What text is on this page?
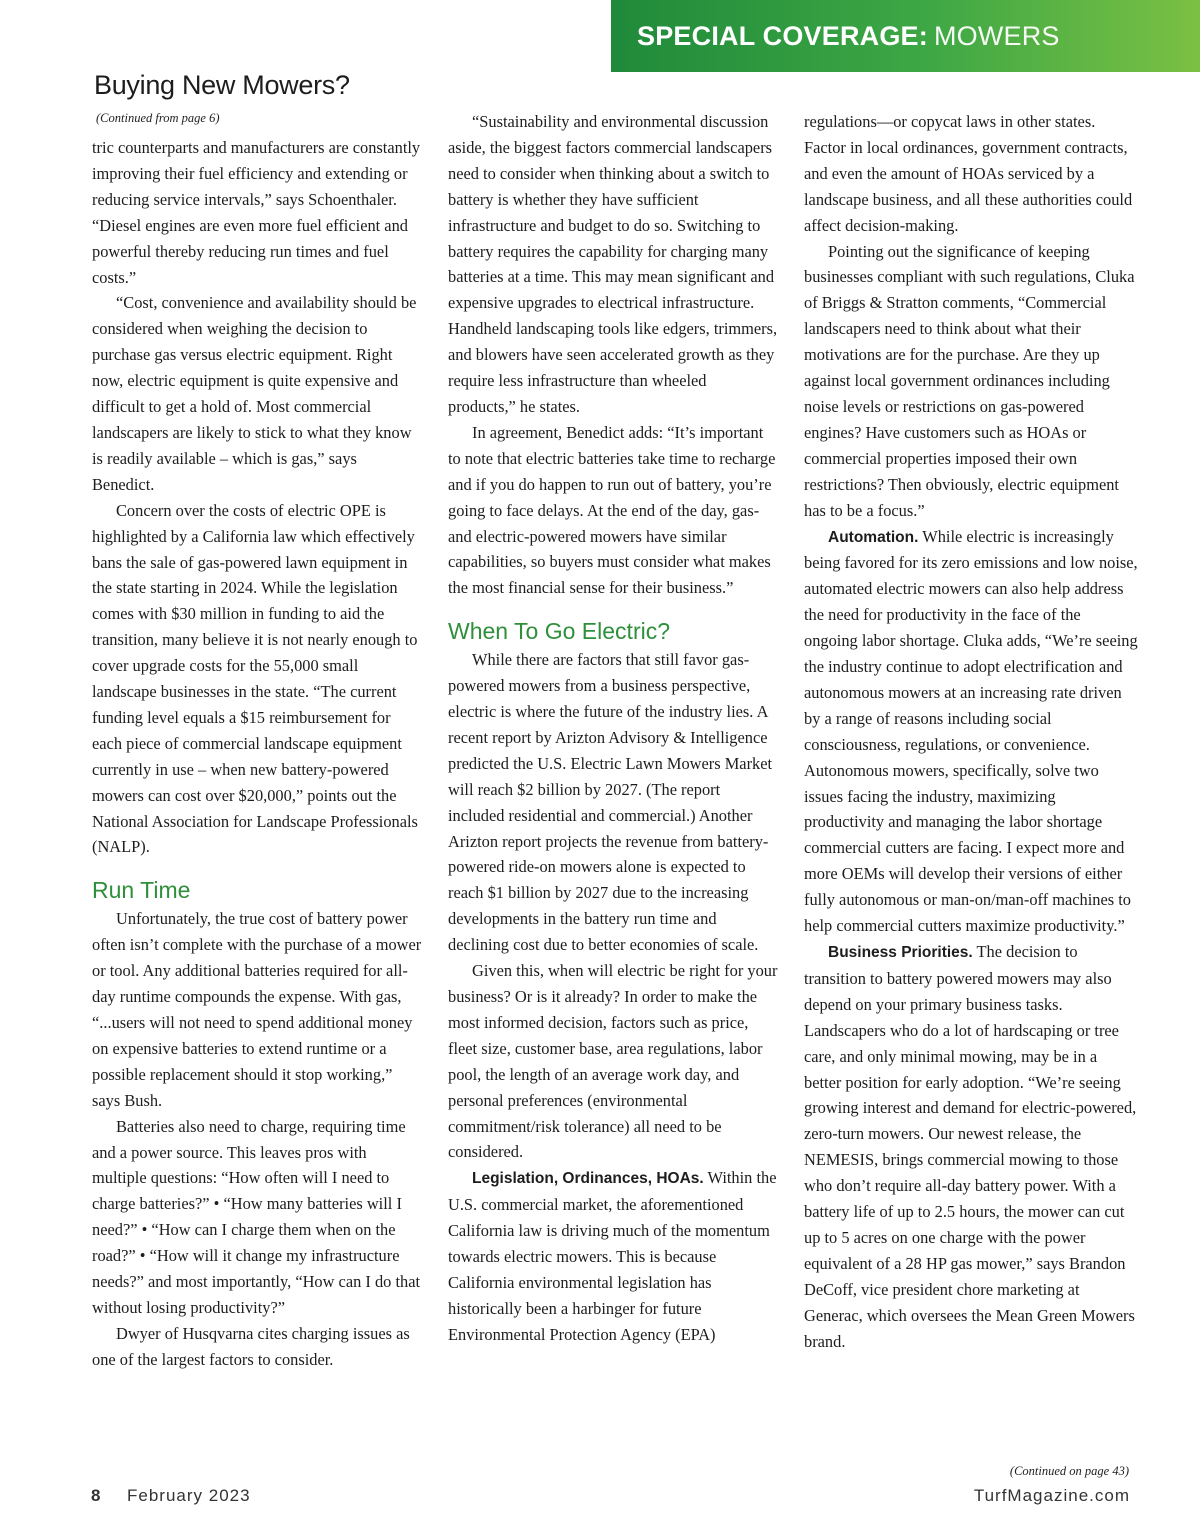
SPECIAL COVERAGE: MOWERS
Buying New Mowers?
(Continued from page 6)

tric counterparts and manufacturers are constantly improving their fuel efficiency and extending or reducing service intervals,” says Schoenthaler. “Diesel engines are even more fuel efficient and powerful thereby reducing run times and fuel costs.”

“Cost, convenience and availability should be considered when weighing the decision to purchase gas versus electric equipment. Right now, electric equipment is quite expensive and difficult to get a hold of. Most commercial landscapers are likely to stick to what they know is readily available – which is gas,” says Benedict.

Concern over the costs of electric OPE is highlighted by a California law which effectively bans the sale of gas-powered lawn equipment in the state starting in 2024. While the legislation comes with $30 million in funding to aid the transition, many believe it is not nearly enough to cover upgrade costs for the 55,000 small landscape businesses in the state. “The current funding level equals a $15 reimbursement for each piece of commercial landscape equipment currently in use – when new battery-powered mowers can cost over $20,000,” points out the National Association for Landscape Professionals (NALP).

Run Time

Unfortunately, the true cost of battery power often isn’t complete with the purchase of a mower or tool. Any additional batteries required for all-day runtime compounds the expense. With gas, “...users will not need to spend additional money on expensive batteries to extend runtime or a possible replacement should it stop working,” says Bush.

Batteries also need to charge, requiring time and a power source. This leaves pros with multiple questions: “How often will I need to charge batteries?” • “How many batteries will I need?” • “How can I charge them when on the road?” • “How will it change my infrastructure needs?” and most importantly, “How can I do that without losing productivity?”

Dwyer of Husqvarna cites charging issues as one of the largest factors to consider.

“Sustainability and environmental discussion aside, the biggest factors commercial landscapers need to consider when thinking about a switch to battery is whether they have sufficient infrastructure and budget to do so. Switching to battery requires the capability for charging many batteries at a time. This may mean significant and expensive upgrades to electrical infrastructure. Handheld landscaping tools like edgers, trimmers, and blowers have seen accelerated growth as they require less infrastructure than wheeled products,” he states.

In agreement, Benedict adds: “It’s important to note that electric batteries take time to recharge and if you do happen to run out of battery, you’re going to face delays. At the end of the day, gas- and electric-powered mowers have similar capabilities, so buyers must consider what makes the most financial sense for their business.”

When To Go Electric?

While there are factors that still favor gas-powered mowers from a business perspective, electric is where the future of the industry lies. A recent report by Arizton Advisory & Intelligence predicted the U.S. Electric Lawn Mowers Market will reach $2 billion by 2027. (The report included residential and commercial.) Another Arizton report projects the revenue from battery-powered ride-on mowers alone is expected to reach $1 billion by 2027 due to the increasing developments in the battery run time and declining cost due to better economies of scale.

Given this, when will electric be right for your business? Or is it already? In order to make the most informed decision, factors such as price, fleet size, customer base, area regulations, labor pool, the length of an average work day, and personal preferences (environmental commitment/risk tolerance) all need to be considered.

Legislation, Ordinances, HOAs. Within the U.S. commercial market, the aforementioned California law is driving much of the momentum towards electric mowers. This is because California environmental legislation has historically been a harbinger for future Environmental Protection Agency (EPA)

regulations—or copycat laws in other states. Factor in local ordinances, government contracts, and even the amount of HOAs serviced by a landscape business, and all these authorities could affect decision-making.

Pointing out the significance of keeping businesses compliant with such regulations, Cluka of Briggs & Stratton comments, “Commercial landscapers need to think about what their motivations are for the purchase. Are they up against local government ordinances including noise levels or restrictions on gas-powered engines? Have customers such as HOAs or commercial properties imposed their own restrictions? Then obviously, electric equipment has to be a focus.”

Automation. While electric is increasingly being favored for its zero emissions and low noise, automated electric mowers can also help address the need for productivity in the face of the ongoing labor shortage. Cluka adds, “We’re seeing the industry continue to adopt electrification and autonomous mowers at an increasing rate driven by a range of reasons including social consciousness, regulations, or convenience. Autonomous mowers, specifically, solve two issues facing the industry, maximizing productivity and managing the labor shortage commercial cutters are facing. I expect more and more OEMs will develop their versions of either fully autonomous or man-on/man-off machines to help commercial cutters maximize productivity.”

Business Priorities. The decision to transition to battery powered mowers may also depend on your primary business tasks. Landscapers who do a lot of hardscaping or tree care, and only minimal mowing, may be in a better position for early adoption. “We’re seeing growing interest and demand for electric-powered, zero-turn mowers. Our newest release, the NEMESIS, brings commercial mowing to those who don’t require all-day battery power. With a battery life of up to 2.5 hours, the mower can cut up to 5 acres on one charge with the power equivalent of a 28 HP gas mower,” says Brandon DeCoff, vice president chore marketing at Generac, which oversees the Mean Green Mowers brand.

(Continued on page 43)
8 February 2023	TurfMagazine.com
